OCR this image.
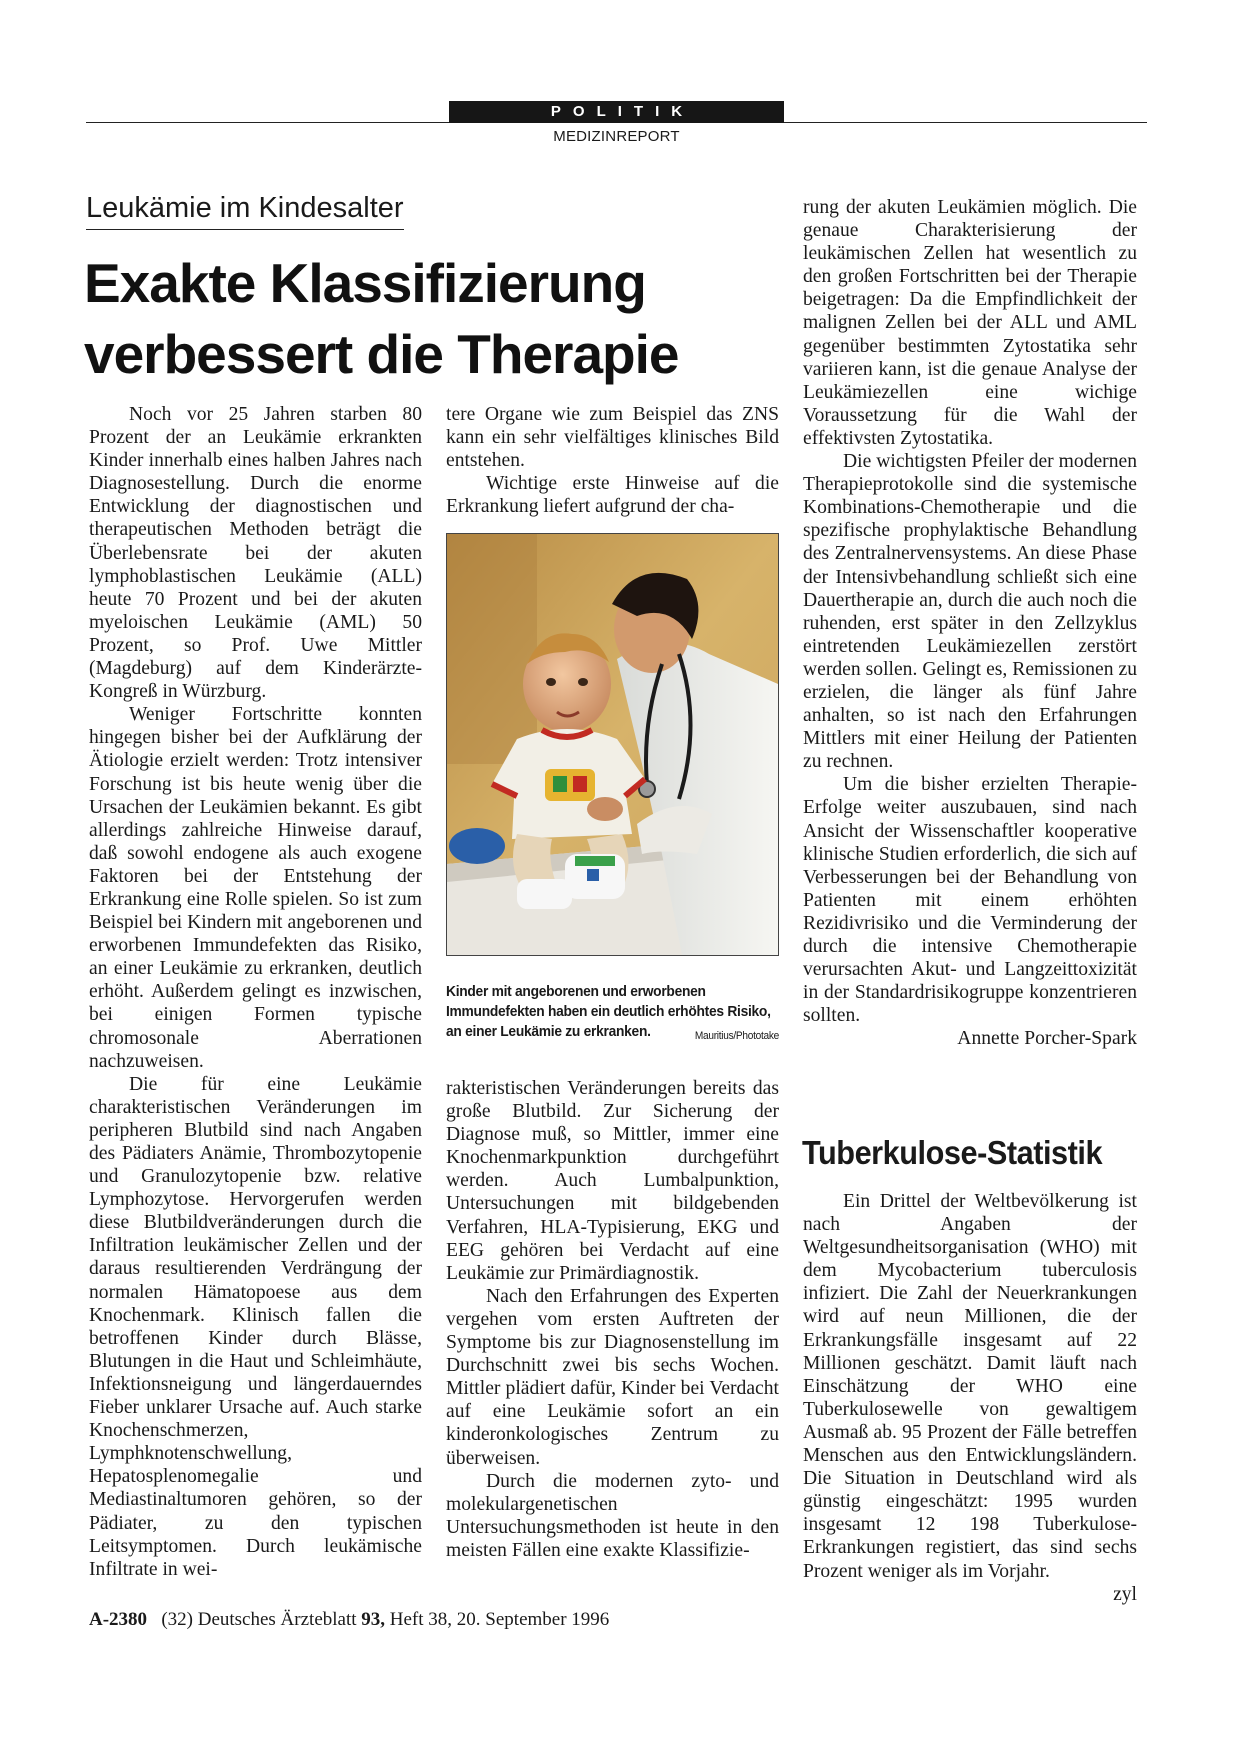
POLITIK
MEDIZINREPORT
Leukämie im Kindesalter
Exakte Klassifizierung verbessert die Therapie

Noch vor 25 Jahren starben 80 Prozent der an Leukämie erkrankten Kinder innerhalb eines halben Jahres nach Diagnosestellung. Durch die enorme Entwicklung der diagnostischen und therapeutischen Methoden beträgt die Überlebensrate bei der akuten lymphoblastischen Leukämie (ALL) heute 70 Prozent und bei der akuten myeloischen Leukämie (AML) 50 Prozent, so Prof. Uwe Mittler (Magdeburg) auf dem Kinderärzte-Kongreß in Würzburg.

Weniger Fortschritte konnten hingegen bisher bei der Aufklärung der Ätiologie erzielt werden: Trotz intensiver Forschung ist bis heute wenig über die Ursachen der Leukämien bekannt. Es gibt allerdings zahlreiche Hinweise darauf, daß sowohl endogene als auch exogene Faktoren bei der Entstehung der Erkrankung eine Rolle spielen. So ist zum Beispiel bei Kindern mit angeborenen und erworbenen Immundefekten das Risiko, an einer Leukämie zu erkranken, deutlich erhöht. Außerdem gelingt es inzwischen, bei einigen Formen typische chromosonale Aberrationen nachzuweisen.

Die für eine Leukämie charakteristischen Veränderungen im peripheren Blutbild sind nach Angaben des Pädiaters Anämie, Thrombozytopenie und Granulozytopenie bzw. relative Lymphozytose. Hervorgerufen werden diese Blutbildveränderungen durch die Infiltration leukämischer Zellen und der daraus resultierenden Verdrängung der normalen Hämatopoese aus dem Knochenmark. Klinisch fallen die betroffenen Kinder durch Blässe, Blutungen in die Haut und Schleimhäute, Infektionsneigung und längerdauerndes Fieber unklarer Ursache auf. Auch starke Knochenschmerzen, Lymphknotenschwellung, Hepatosplenomegalie und Mediastinaltumoren gehören, so der Pädiater, zu den typischen Leitsymptomen. Durch leukämische Infiltrate in wei-

tere Organe wie zum Beispiel das ZNS kann ein sehr vielfältiges klinisches Bild entstehen.

Wichtige erste Hinweise auf die Erkrankung liefert aufgrund der cha-

Kinder mit angeborenen und erworbenen Immundefekten haben ein deutlich erhöhtes Risiko, an einer Leukämie zu erkranken.	Mauritius/Phototake

rakteristischen Veränderungen bereits das große Blutbild. Zur Sicherung der Diagnose muß, so Mittler, immer eine Knochenmarkpunktion durchgeführt werden. Auch Lumbalpunktion, Untersuchungen mit bildgebenden Verfahren, HLA-Typisierung, EKG und EEG gehören bei Verdacht auf eine Leukämie zur Primärdiagnostik.

Nach den Erfahrungen des Experten vergehen vom ersten Auftreten der Symptome bis zur Diagnosenstellung im Durchschnitt zwei bis sechs Wochen. Mittler plädiert dafür, Kinder bei Verdacht auf eine Leukämie sofort an ein kinderonkologisches Zentrum zu überweisen.

Durch die modernen zyto- und molekulargenetischen Untersuchungsmethoden ist heute in den meisten Fällen eine exakte Klassifizie-

rung der akuten Leukämien möglich. Die genaue Charakterisierung der leukämischen Zellen hat wesentlich zu den großen Fortschritten bei der Therapie beigetragen: Da die Empfindlichkeit der malignen Zellen bei der ALL und AML gegenüber bestimmten Zytostatika sehr variieren kann, ist die genaue Analyse der Leukämiezellen eine wichige Voraussetzung für die Wahl der effektivsten Zytostatika.

Die wichtigsten Pfeiler der modernen Therapieprotokolle sind die systemische Kombinations-Chemotherapie und die spezifische prophylaktische Behandlung des Zentralnervensystems. An diese Phase der Intensivbehandlung schließt sich eine Dauertherapie an, durch die auch noch die ruhenden, erst später in den Zellzyklus eintretenden Leukämiezellen zerstört werden sollen. Gelingt es, Remissionen zu erzielen, die länger als fünf Jahre anhalten, so ist nach den Erfahrungen Mittlers mit einer Heilung der Patienten zu rechnen.

Um die bisher erzielten Therapie-Erfolge weiter auszubauen, sind nach Ansicht der Wissenschaftler kooperative klinische Studien erforderlich, die sich auf Verbesserungen bei der Behandlung von Patienten mit einem erhöhten Rezidivrisiko und die Verminderung der durch die intensive Chemotherapie verursachten Akut- und Langzeittoxizität in der Standardrisikogruppe konzentrieren sollten.

Annette Porcher-Spark
Tuberkulose-Statistik

Ein Drittel der Weltbevölkerung ist nach Angaben der Weltgesundheitsorganisation (WHO) mit dem Mycobacterium tuberculosis infiziert. Die Zahl der Neuerkrankungen wird auf neun Millionen, die der Erkrankungsfälle insgesamt auf 22 Millionen geschätzt. Damit läuft nach Einschätzung der WHO eine Tuberkulosewelle von gewaltigem Ausmaß ab. 95 Prozent der Fälle betreffen Menschen aus den Entwicklungsländern. Die Situation in Deutschland wird als günstig eingeschätzt: 1995 wurden insgesamt 12 198 Tuberkulose-Erkrankungen registiert, das sind sechs Prozent weniger als im Vorjahr.

zyl
A-2380 (32) Deutsches Ärzteblatt 93, Heft 38, 20. September 1996
